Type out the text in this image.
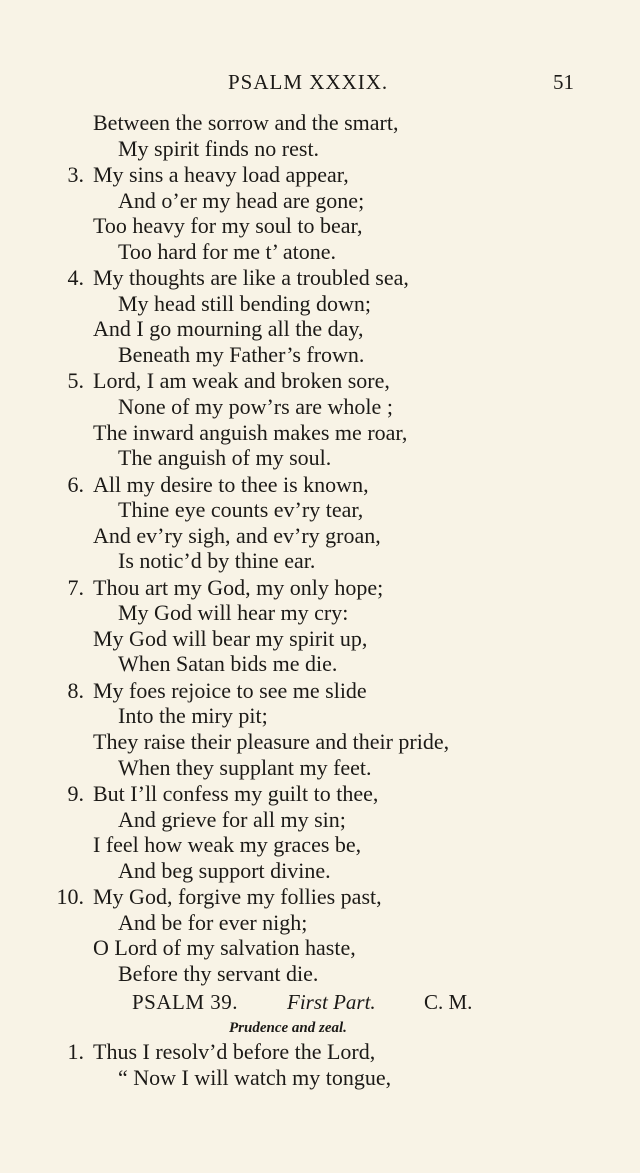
PSALM XXXIX.	51
Between the sorrow and the smart,
My spirit finds no rest.
3. My sins a heavy load appear,
And o’er my head are gone;
Too heavy for my soul to bear,
Too hard for me t’ atone.
4. My thoughts are like a troubled sea,
My head still bending down;
And I go mourning all the day,
Beneath my Father’s frown.
5. Lord, I am weak and broken sore,
None of my pow’rs are whole ;
The inward anguish makes me roar,
The anguish of my soul.
6. All my desire to thee is known,
Thine eye counts ev’ry tear,
And ev’ry sigh, and ev’ry groan,
Is notic’d by thine ear.
7. Thou art my God, my only hope;
My God will hear my cry:
My God will bear my spirit up,
When Satan bids me die.
8. My foes rejoice to see me slide
Into the miry pit;
They raise their pleasure and their pride,
When they supplant my feet.
9. But I’ll confess my guilt to thee,
And grieve for all my sin;
I feel how weak my graces be,
And beg support divine.
10. My God, forgive my follies past,
And be for ever nigh;
O Lord of my salvation haste,
Before thy servant die.
PSALM 39. First Part. C. M.
Prudence and zeal.
1. Thus I resolv’d before the Lord,
“ Now I will watch my tongue,
